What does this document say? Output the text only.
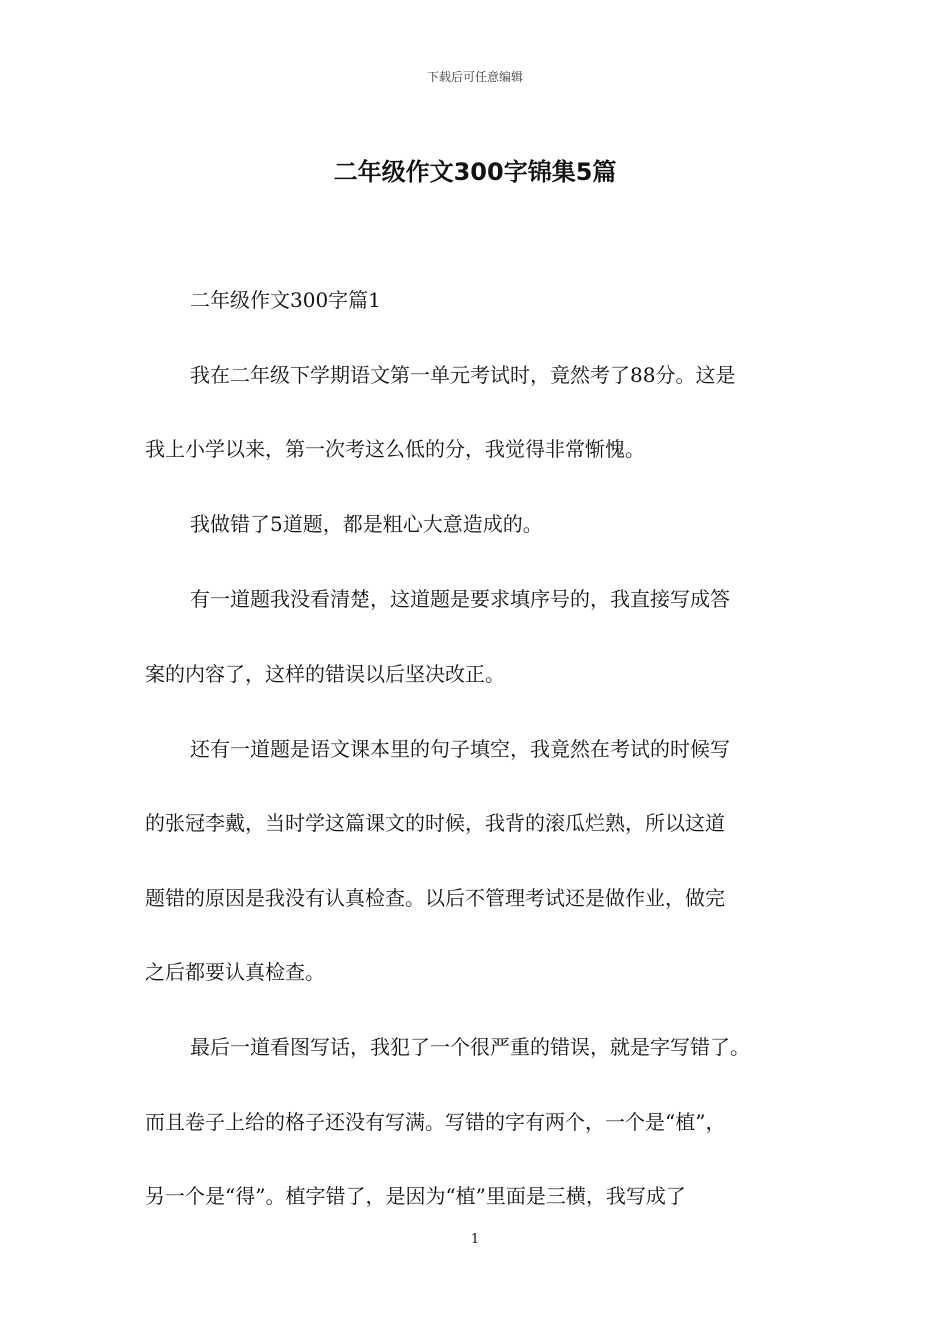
下载后可任意编辑
二年级作文300字锦集5篇
二年级作文300字篇1
我在二年级下学期语文第一单元考试时，竟然考了88分。这是
我上小学以来，第一次考这么低的分，我觉得非常惭愧。
我做错了5道题，都是粗心大意造成的。
有一道题我没看清楚，这道题是要求填序号的，我直接写成答
案的内容了，这样的错误以后坚决改正。
还有一道题是语文课本里的句子填空，我竟然在考试的时候写
的张冠李戴，当时学这篇课文的时候，我背的滚瓜烂熟，所以这道
题错的原因是我没有认真检查。以后不管理考试还是做作业，做完
之后都要认真检查。
最后一道看图写话，我犯了一个很严重的错误，就是字写错了。
而且卷子上给的格子还没有写满。写错的字有两个，一个是“植”，
另一个是“得”。植字错了，是因为“植”里面是三横，我写成了
1
